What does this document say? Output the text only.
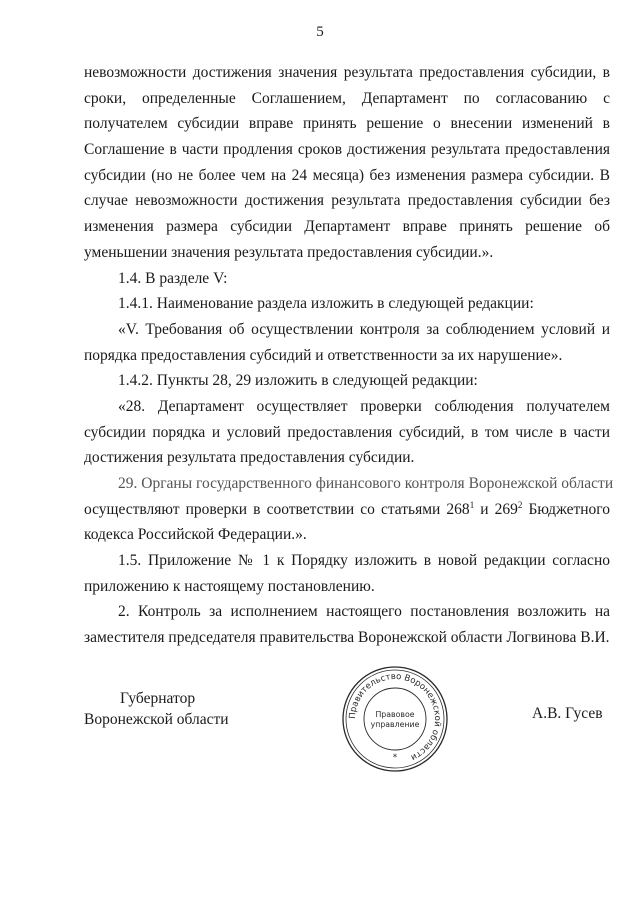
5
невозможности достижения значения результата предоставления субсидии, в
сроки, определенные Соглашением, Департамент по согласованию с
получателем субсидии вправе принять решение о внесении изменений в
Соглашение в части продления сроков достижения результата предоставления
субсидии (но не более чем на 24 месяца) без изменения размера субсидии. В
случае невозможности достижения результата предоставления субсидии без
изменения размера субсидии Департамент вправе принять решение об
уменьшении значения результата предоставления субсидии.».
1.4. В разделе V:
1.4.1. Наименование раздела изложить в следующей редакции:
«V. Требования об осуществлении контроля за соблюдением условий и
порядка предоставления субсидий и ответственности за их нарушение».
1.4.2. Пункты 28, 29 изложить в следующей редакции:
«28. Департамент осуществляет проверки соблюдения получателем
субсидии порядка и условий предоставления субсидий, в том числе в части
достижения результата предоставления субсидии.
29. Органы государственного финансового контроля Воронежской области
осуществляют проверки в соответствии со статьями $268^1$ и $269^2$ Бюджетного
кодекса Российской Федерации.».
1.5. Приложение № 1 к Порядку изложить в новой редакции согласно
приложению к настоящему постановлению.
2. Контроль за исполнением настоящего постановления возложить на
заместителя председателя правительства Воронежской области Логвинова В.И.
Губернатор
Воронежской области	Правительство Воронежской области
Правовое
управление
*
А.В. Гусев
